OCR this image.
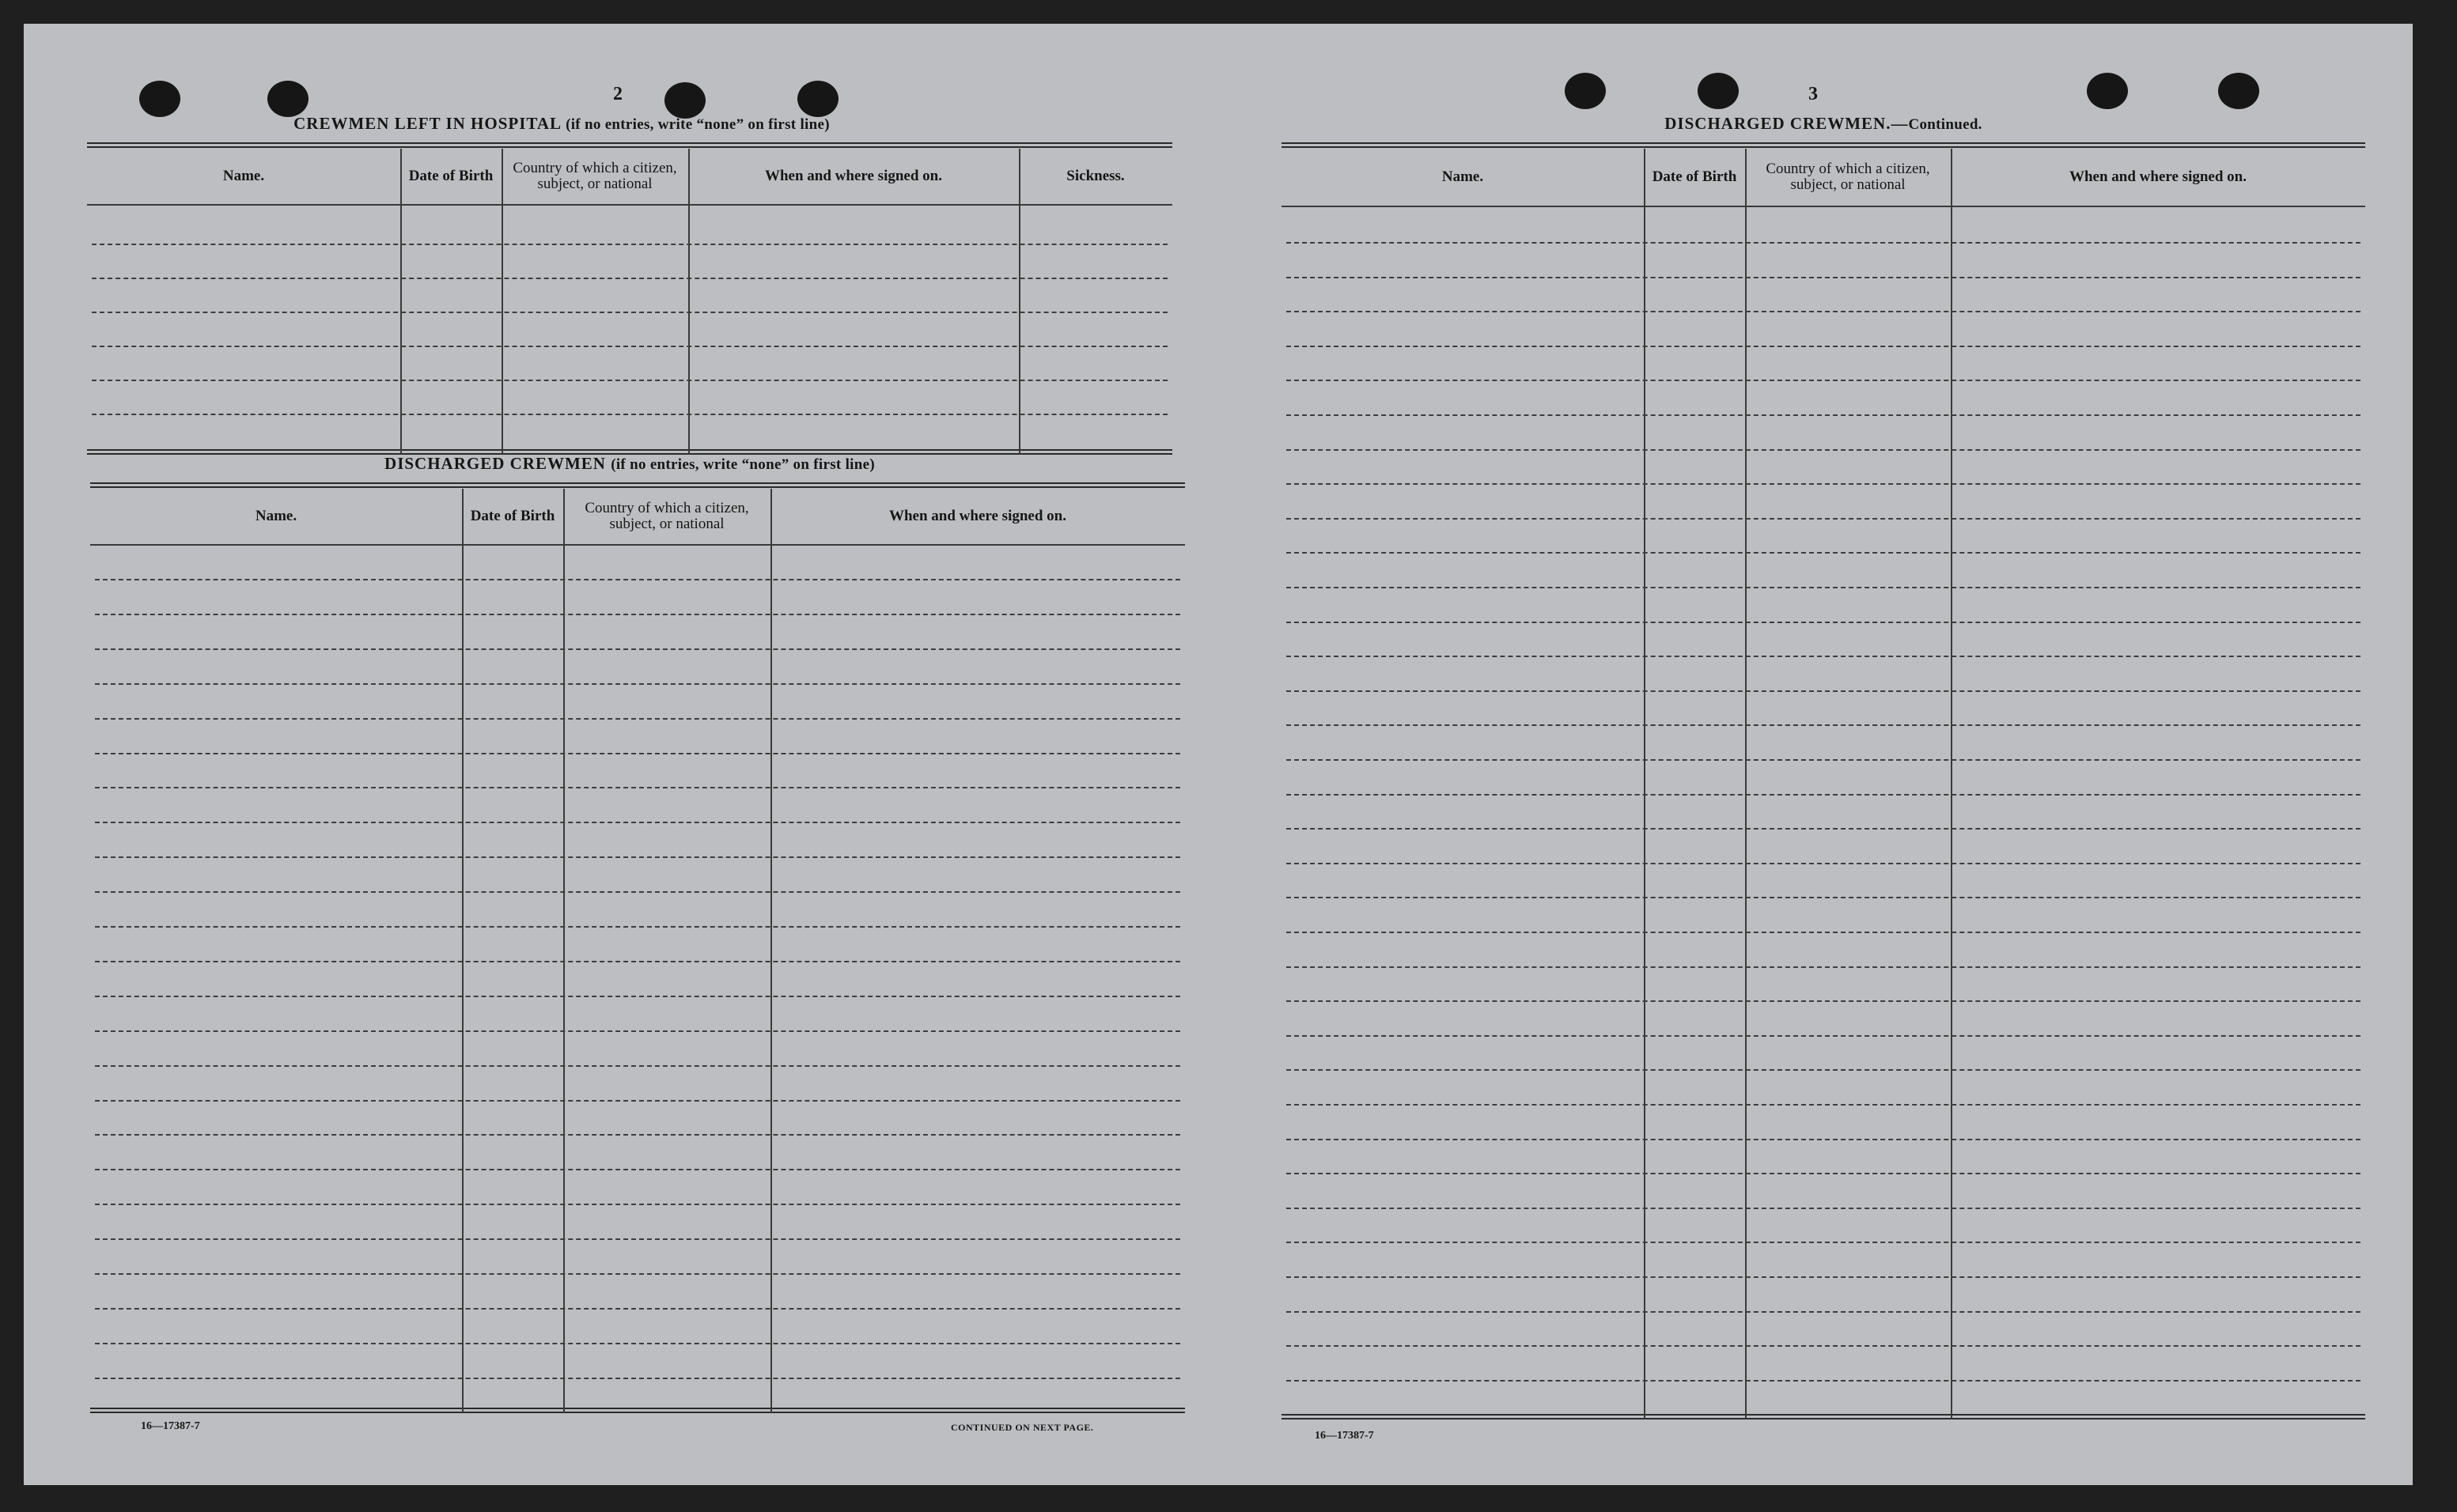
2
CREWMEN LEFT IN HOSPITAL (if no entries, write “none” on first line)
Name.	Date of Birth	Country of which a citizen, subject, or national	When and where signed on.	Sickness.
DISCHARGED CREWMEN (if no entries, write “none” on first line)
Name.	Date of Birth	Country of which a citizen, subject, or national	When and where signed on.
16—17387-7	CONTINUED ON NEXT PAGE.
3
DISCHARGED CREWMEN.—Continued.
Name.	Date of Birth	Country of which a citizen, subject, or national	When and where signed on.
16—17387-7
